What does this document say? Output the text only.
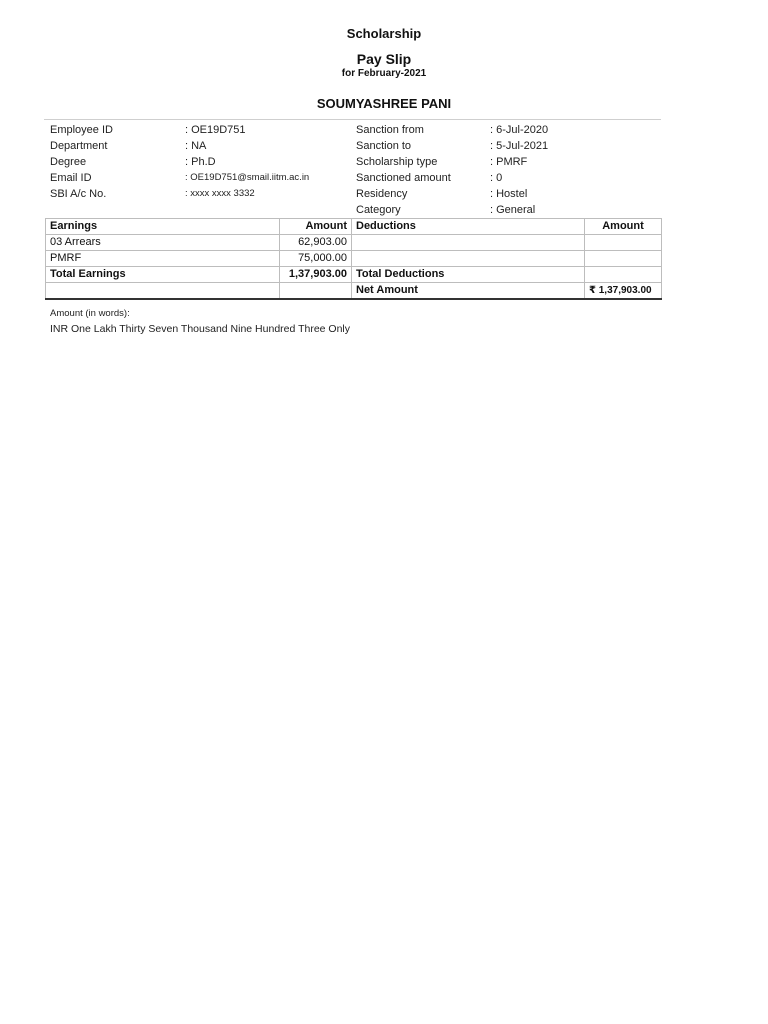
Scholarship
Pay Slip
for February-2021
SOUMYASHREE PANI
Employee ID	: OE19D751
Department	: NA
Degree	: Ph.D
Email ID	: OE19D751@smail.iitm.ac.in
SBI A/c No.	: xxxx xxxx 3332
Sanction from	: 6-Jul-2020
Sanction to	: 5-Jul-2021
Scholarship type	: PMRF
Sanctioned amount	: 0
Residency	: Hostel
Category	: General
Earnings	Amount	Deductions	Amount
03 Arrears	62,903.00		
PMRF	75,000.00		
Total Earnings	1,37,903.00	Total Deductions	
		Net Amount	₹ 1,37,903.00
Amount (in words):
INR One Lakh Thirty Seven Thousand Nine Hundred Three Only
